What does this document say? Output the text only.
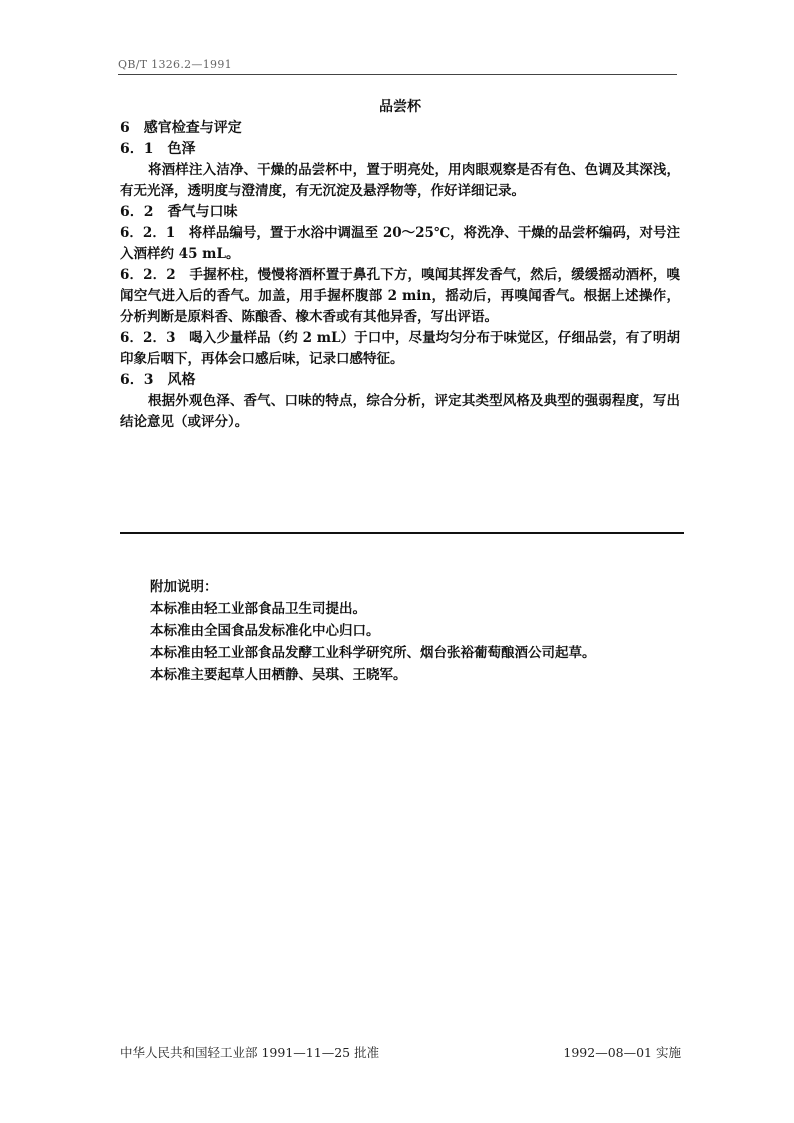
QB/T 1326.2—1991
品尝杯
6　感官检查与评定
6．1　色泽
将酒样注入洁净、干燥的品尝杯中，置于明亮处，用肉眼观察是否有色、色调及其深浅，有无光泽，透明度与澄清度，有无沉淀及悬浮物等，作好详细记录。
6．2　香气与口味
6．2．1　将样品编号，置于水浴中调温至 20～25℃，将洗净、干燥的品尝杯编码，对号注入酒样约 45 mL。
6．2．2　手握杯柱，慢慢将酒杯置于鼻孔下方，嗅闻其挥发香气，然后，缓缓摇动酒杯，嗅闻空气进入后的香气。加盖，用手握杯腹部 2 min，摇动后，再嗅闻香气。根据上述操作，分析判断是原料香、陈酿香、橡木香或有其他异香，写出评语。
6．2．3　喝入少量样品（约 2 mL）于口中，尽量均匀分布于味觉区，仔细品尝，有了明胡印象后咽下，再体会口感后味，记录口感特征。
6．3　风格
根据外观色泽、香气、口味的特点，综合分析，评定其类型风格及典型的强弱程度，写出结论意见（或评分）。
附加说明：
本标准由轻工业部食品卫生司提出。
本标准由全国食品发标准化中心归口。
本标准由轻工业部食品发酵工业科学研究所、烟台张裕葡萄酿酒公司起草。
本标准主要起草人田栖静、吴琪、王晓军。
中华人民共和国轻工业部 1991—11—25 批准	1992—08—01 实施
